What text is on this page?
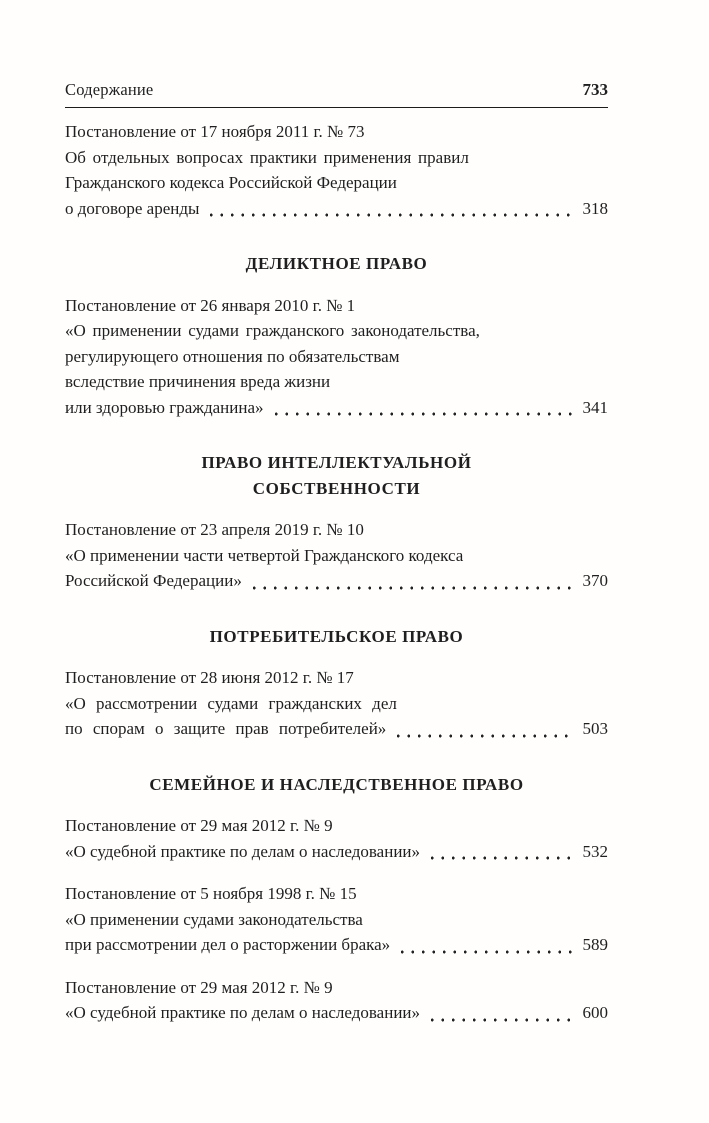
Содержание	733
Постановление от 17 ноября 2011 г. № 73
Об отдельных вопросах практики применения правил
Гражданского кодекса Российской Федерации
о договоре аренды	318
ДЕЛИКТНОЕ ПРАВО
Постановление от 26 января 2010 г. № 1
«О применении судами гражданского законодательства,
регулирующего отношения по обязательствам
вследствие причинения вреда жизни
или здоровью гражданина»	341
ПРАВО ИНТЕЛЛЕКТУАЛЬНОЙ
СОБСТВЕННОСТИ
Постановление от 23 апреля 2019 г. № 10
«О применении части четвертой Гражданского кодекса
Российской Федерации»	370
ПОТРЕБИТЕЛЬСКОЕ ПРАВО
Постановление от 28 июня 2012 г. № 17
«О рассмотрении судами гражданских дел
по спорам о защите прав потребителей»	503
СЕМЕЙНОЕ И НАСЛЕДСТВЕННОЕ ПРАВО
Постановление от 29 мая 2012 г. № 9
«О судебной практике по делам о наследовании»	532
Постановление от 5 ноября 1998 г. № 15
«О применении судами законодательства
при рассмотрении дел о расторжении брака»	589
Постановление от 29 мая 2012 г. № 9
«О судебной практике по делам о наследовании»	600
